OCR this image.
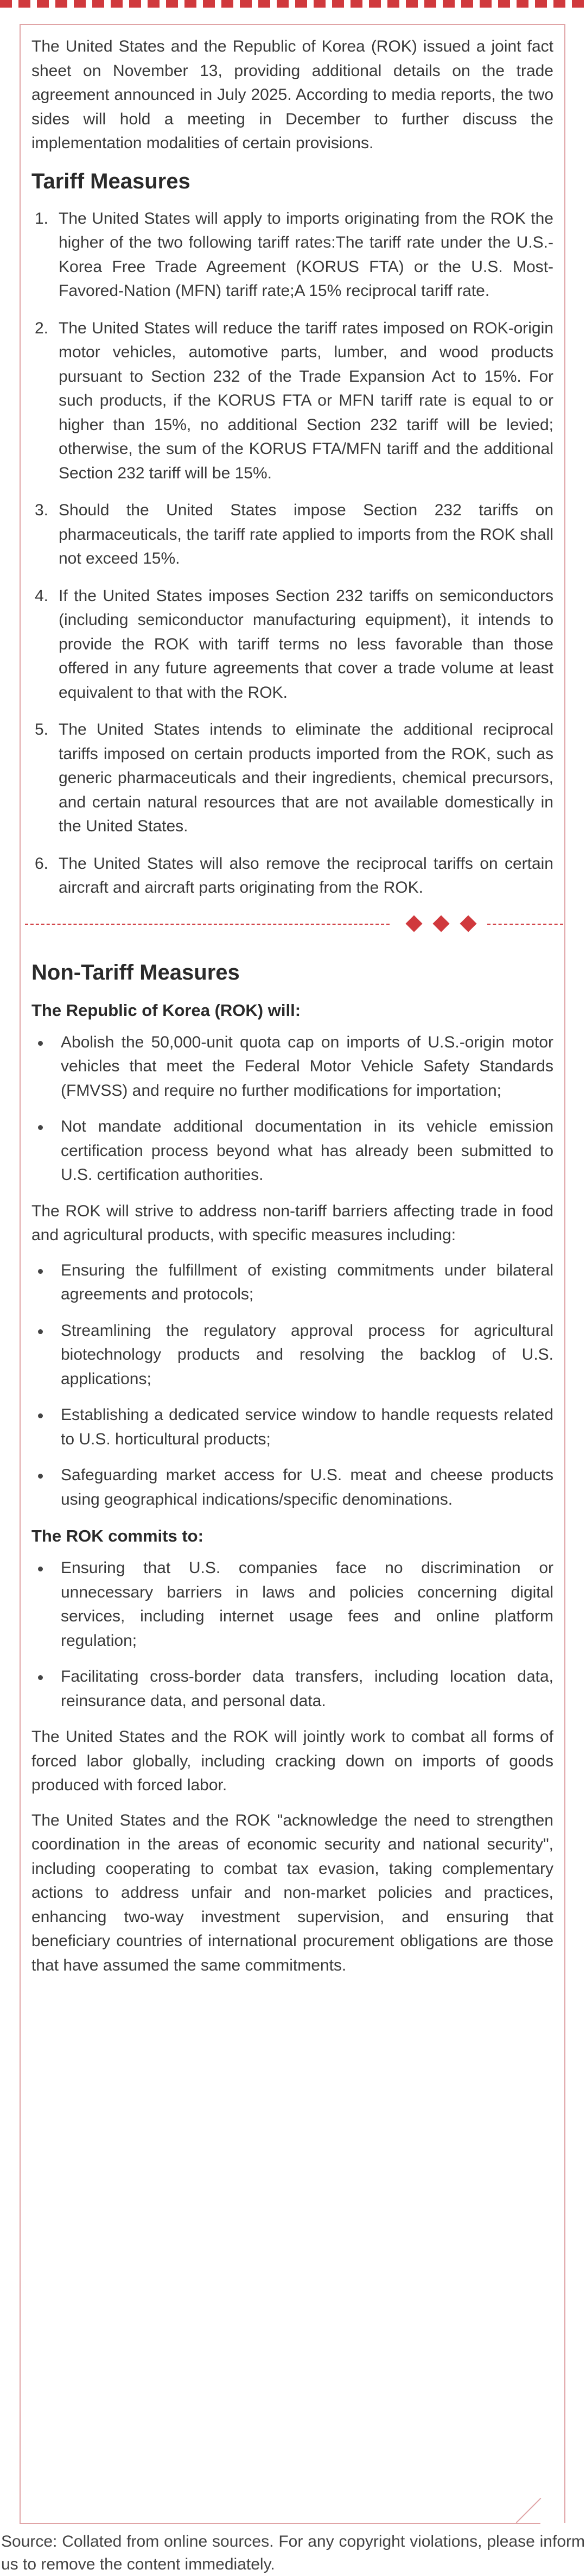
The United States and the Republic of Korea (ROK) issued a joint fact sheet on November 13, providing additional details on the trade agreement announced in July 2025. According to media reports, the two sides will hold a meeting in December to further discuss the implementation modalities of certain provisions.

Tariff Measures
1. The United States will apply to imports originating from the ROK the higher of the two following tariff rates:The tariff rate under the U.S.-Korea Free Trade Agreement (KORUS FTA) or the U.S. Most-Favored-Nation (MFN) tariff rate;A 15% reciprocal tariff rate.
2. The United States will reduce the tariff rates imposed on ROK-origin motor vehicles, automotive parts, lumber, and wood products pursuant to Section 232 of the Trade Expansion Act to 15%. For such products, if the KORUS FTA or MFN tariff rate is equal to or higher than 15%, no additional Section 232 tariff will be levied; otherwise, the sum of the KORUS FTA/MFN tariff and the additional Section 232 tariff will be 15%.
3. Should the United States impose Section 232 tariffs on pharmaceuticals, the tariff rate applied to imports from the ROK shall not exceed 15%.
4. If the United States imposes Section 232 tariffs on semiconductors (including semiconductor manufacturing equipment), it intends to provide the ROK with tariff terms no less favorable than those offered in any future agreements that cover a trade volume at least equivalent to that with the ROK.
5. The United States intends to eliminate the additional reciprocal tariffs imposed on certain products imported from the ROK, such as generic pharmaceuticals and their ingredients, chemical precursors, and certain natural resources that are not available domestically in the United States.
6. The United States will also remove the reciprocal tariffs on certain aircraft and aircraft parts originating from the ROK.
Non-Tariff Measures
The Republic of Korea (ROK) will:
Abolish the 50,000-unit quota cap on imports of U.S.-origin motor vehicles that meet the Federal Motor Vehicle Safety Standards (FMVSS) and require no further modifications for importation;
Not mandate additional documentation in its vehicle emission certification process beyond what has already been submitted to U.S. certification authorities.

The ROK will strive to address non-tariff barriers affecting trade in food and agricultural products, with specific measures including:

Ensuring the fulfillment of existing commitments under bilateral agreements and protocols;
Streamlining the regulatory approval process for agricultural biotechnology products and resolving the backlog of U.S. applications;
Establishing a dedicated service window to handle requests related to U.S. horticultural products;
Safeguarding market access for U.S. meat and cheese products using geographical indications/specific denominations.
The ROK commits to:
Ensuring that U.S. companies face no discrimination or unnecessary barriers in laws and policies concerning digital services, including internet usage fees and online platform regulation;
Facilitating cross-border data transfers, including location data, reinsurance data, and personal data.

The United States and the ROK will jointly work to combat all forms of forced labor globally, including cracking down on imports of goods produced with forced labor.

The United States and the ROK "acknowledge the need to strengthen coordination in the areas of economic security and national security", including cooperating to combat tax evasion, taking complementary actions to address unfair and non-market policies and practices, enhancing two-way investment supervision, and ensuring that beneficiary countries of international procurement obligations are those that have assumed the same commitments.

Source: Collated from online sources. For any copyright violations, please inform us to remove the content immediately.
